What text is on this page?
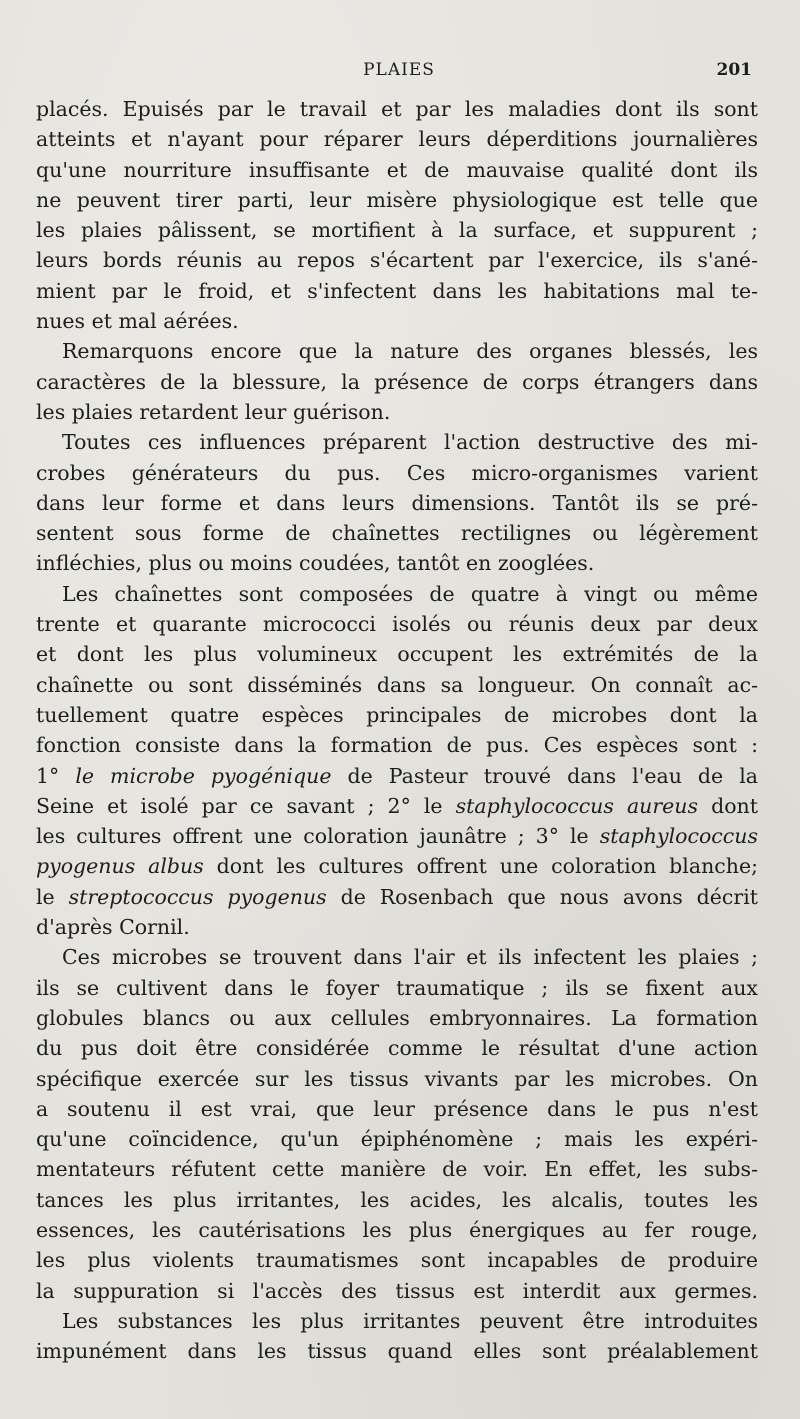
PLAIES	201
placés. Epuisés par le travail et par les maladies dont ils sont
atteints et n'ayant pour réparer leurs déperditions journalières
qu'une nourriture insuffisante et de mauvaise qualité dont ils
ne peuvent tirer parti, leur misère physiologique est telle que
les plaies pâlissent, se mortifient à la surface, et suppurent ;
leurs bords réunis au repos s'écartent par l'exercice, ils s'ané-
mient par le froid, et s'infectent dans les habitations mal te-
nues et mal aérées.
Remarquons encore que la nature des organes blessés, les
caractères de la blessure, la présence de corps étrangers dans
les plaies retardent leur guérison.
Toutes ces influences préparent l'action destructive des mi-
crobes générateurs du pus. Ces micro-organismes varient
dans leur forme et dans leurs dimensions. Tantôt ils se pré-
sentent sous forme de chaînettes rectilignes ou légèrement
infléchies, plus ou moins coudées, tantôt en zooglées.
Les chaînettes sont composées de quatre à vingt ou même
trente et quarante micrococci isolés ou réunis deux par deux
et dont les plus volumineux occupent les extrémités de la
chaînette ou sont disséminés dans sa longueur. On connaît ac-
tuellement quatre espèces principales de microbes dont la
fonction consiste dans la formation de pus. Ces espèces sont :
1° le microbe pyogénique de Pasteur trouvé dans l'eau de la
Seine et isolé par ce savant ; 2° le staphylococcus aureus dont
les cultures offrent une coloration jaunâtre ; 3° le staphylococcus
pyogenus albus dont les cultures offrent une coloration blanche;
le streptococcus pyogenus de Rosenbach que nous avons décrit
d'après Cornil.
Ces microbes se trouvent dans l'air et ils infectent les plaies ;
ils se cultivent dans le foyer traumatique ; ils se fixent aux
globules blancs ou aux cellules embryonnaires. La formation
du pus doit être considérée comme le résultat d'une action
spécifique exercée sur les tissus vivants par les microbes. On
a soutenu il est vrai, que leur présence dans le pus n'est
qu'une coïncidence, qu'un épiphénomène ; mais les expéri-
mentateurs réfutent cette manière de voir. En effet, les subs-
tances les plus irritantes, les acides, les alcalis, toutes les
essences, les cautérisations les plus énergiques au fer rouge,
les plus violents traumatismes sont incapables de produire
la suppuration si l'accès des tissus est interdit aux germes.
Les substances les plus irritantes peuvent être introduites
impunément dans les tissus quand elles sont préalablement
